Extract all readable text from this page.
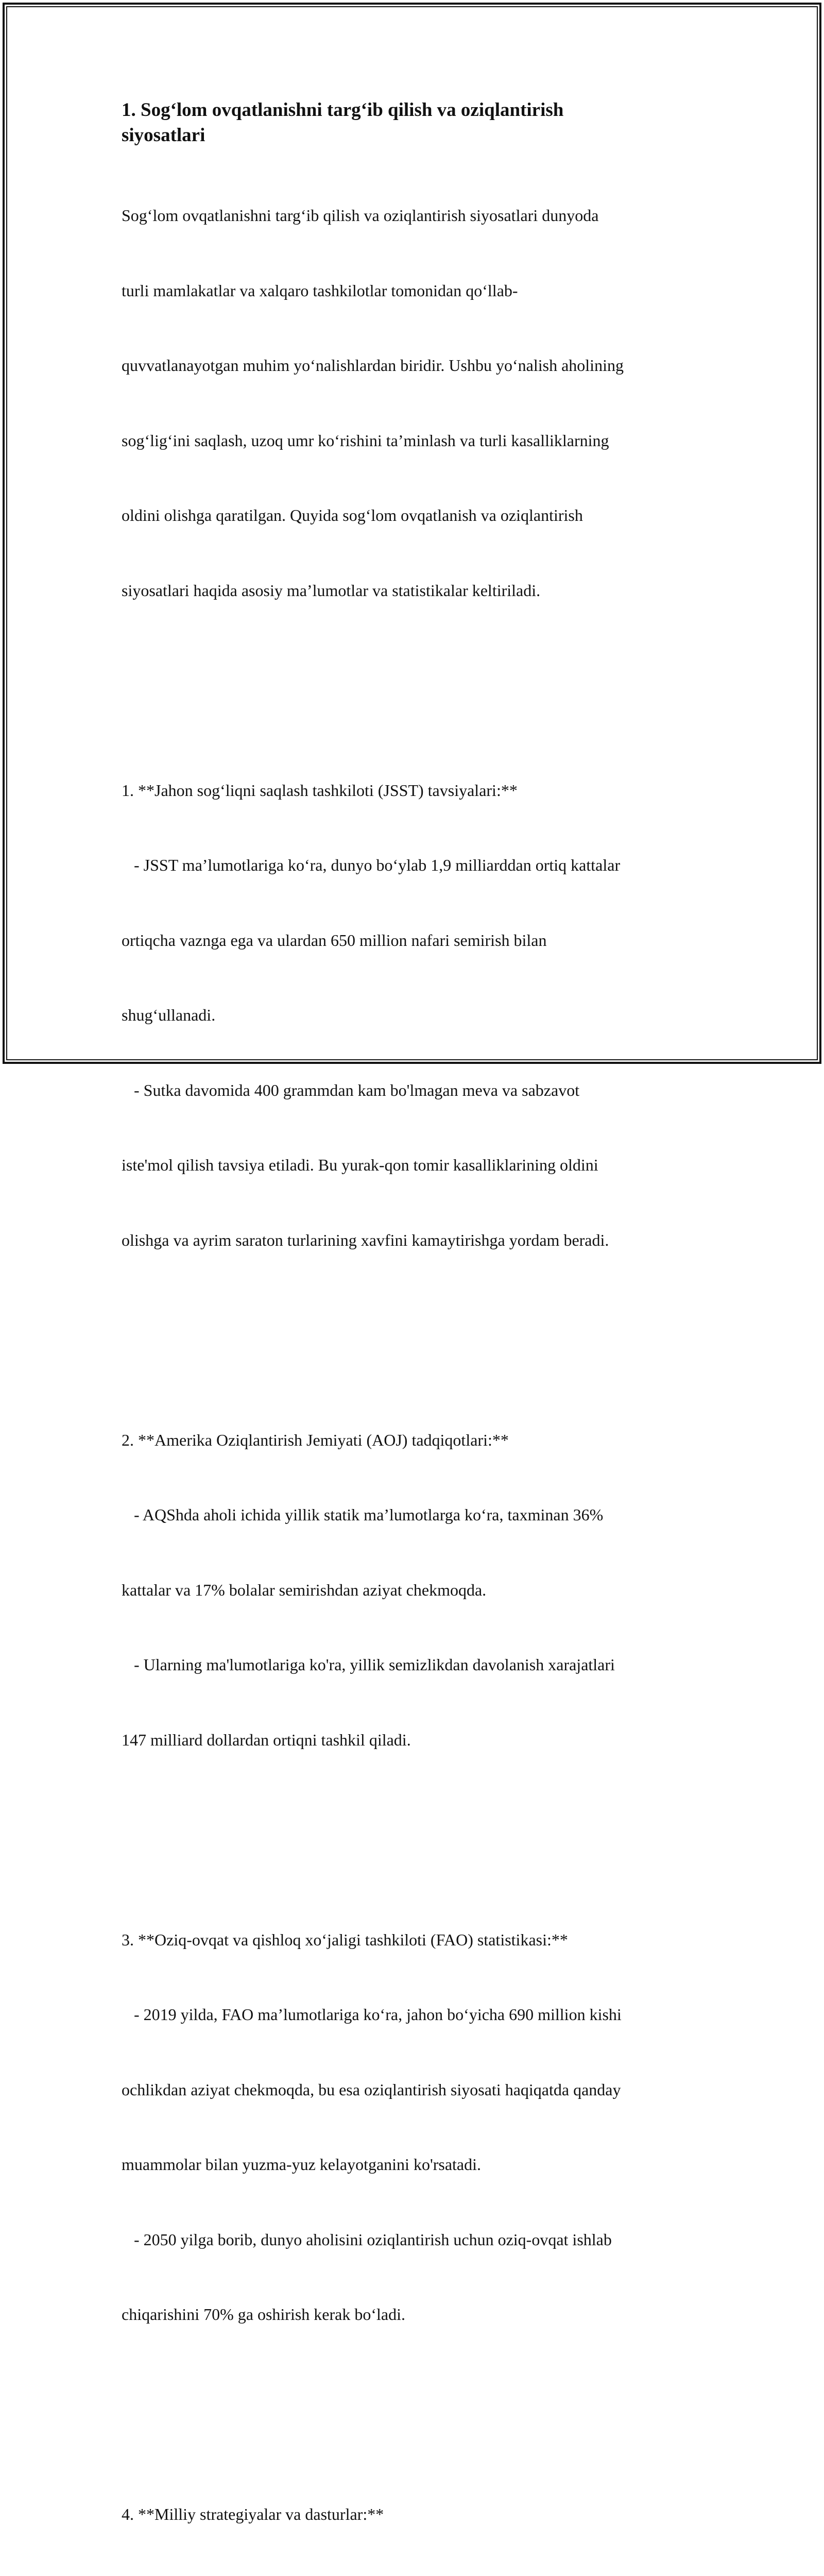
1. Sog‘lom ovqatlanishni targ‘ib qilish va oziqlantirish
siyosatlari

Sog‘lom ovqatlanishni targ‘ib qilish va oziqlantirish siyosatlari dunyoda

turli mamlakatlar va xalqaro tashkilotlar tomonidan qo‘llab-

quvvatlanayotgan muhim yo‘nalishlardan biridir. Ushbu yo‘nalish aholining

sog‘lig‘ini saqlash, uzoq umr ko‘rishini ta’minlash va turli kasalliklarning

oldini olishga qaratilgan. Quyida sog‘lom ovqatlanish va oziqlantirish

siyosatlari haqida asosiy ma’lumotlar va statistikalar keltiriladi.

1. **Jahon sog‘liqni saqlash tashkiloti (JSST) tavsiyalari:**

- JSST ma’lumotlariga ko‘ra, dunyo bo‘ylab 1,9 milliarddan ortiq kattalar

ortiqcha vaznga ega va ulardan 650 million nafari semirish bilan

shug‘ullanadi.

- Sutka davomida 400 grammdan kam bo'lmagan meva va sabzavot

iste'mol qilish tavsiya etiladi. Bu yurak-qon tomir kasalliklarining oldini

olishga va ayrim saraton turlarining xavfini kamaytirishga yordam beradi.

2. **Amerika Oziqlantirish Jemiyati (AOJ) tadqiqotlari:**

- AQShda aholi ichida yillik statik ma’lumotlarga ko‘ra, taxminan 36%

kattalar va 17% bolalar semirishdan aziyat chekmoqda.

- Ularning ma'lumotlariga ko'ra, yillik semizlikdan davolanish xarajatlari

147 milliard dollardan ortiqni tashkil qiladi.

3. **Oziq-ovqat va qishloq xo‘jaligi tashkiloti (FAO) statistikasi:**

- 2019 yilda, FAO ma’lumotlariga ko‘ra, jahon bo‘yicha 690 million kishi

ochlikdan aziyat chekmoqda, bu esa oziqlantirish siyosati haqiqatda qanday

muammolar bilan yuzma-yuz kelayotganini ko'rsatadi.

- 2050 yilga borib, dunyo aholisini oziqlantirish uchun oziq-ovqat ishlab

chiqarishini 70% ga oshirish kerak bo‘ladi.

4. **Milliy strategiyalar va dasturlar:**
